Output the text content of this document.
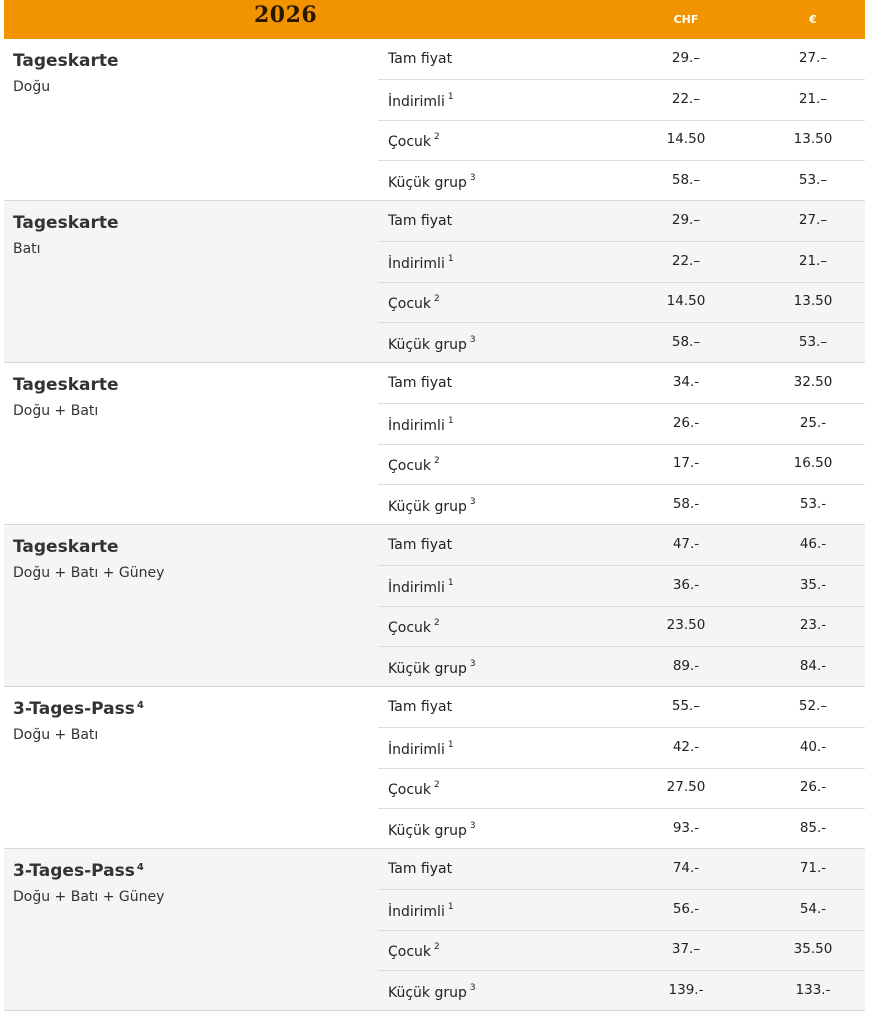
2026	CHF	€
Tageskarte
Doğu
Tam fiyat	29.–	27.–
İndirimli $^1$	22.–	21.–
Çocuk $^2$	14.50	13.50
Küçük grup $^3$	58.–	53.–
Tageskarte
Batı
Tam fiyat	29.–	27.–
İndirimli $^1$	22.–	21.–
Çocuk $^2$	14.50	13.50
Küçük grup $^3$	58.–	53.–
Tageskarte
Doğu + Batı
Tam fiyat	34.-	32.50
İndirimli $^1$	26.-	25.-
Çocuk $^2$	17.-	16.50
Küçük grup $^3$	58.-	53.-
Tageskarte
Doğu + Batı + Güney
Tam fiyat	47.-	46.-
İndirimli $^1$	36.-	35.-
Çocuk $^2$	23.50	23.-
Küçük grup $^3$	89.-	84.-
3-Tages-Pass $^4$
Doğu + Batı
Tam fiyat	55.–	52.–
İndirimli $^1$	42.-	40.-
Çocuk $^2$	27.50	26.-
Küçük grup $^3$	93.-	85.-
3-Tages-Pass $^4$
Doğu + Batı + Güney
Tam fiyat	74.-	71.-
İndirimli $^1$	56.-	54.-
Çocuk $^2$	37.–	35.50
Küçük grup $^3$	139.-	133.-
